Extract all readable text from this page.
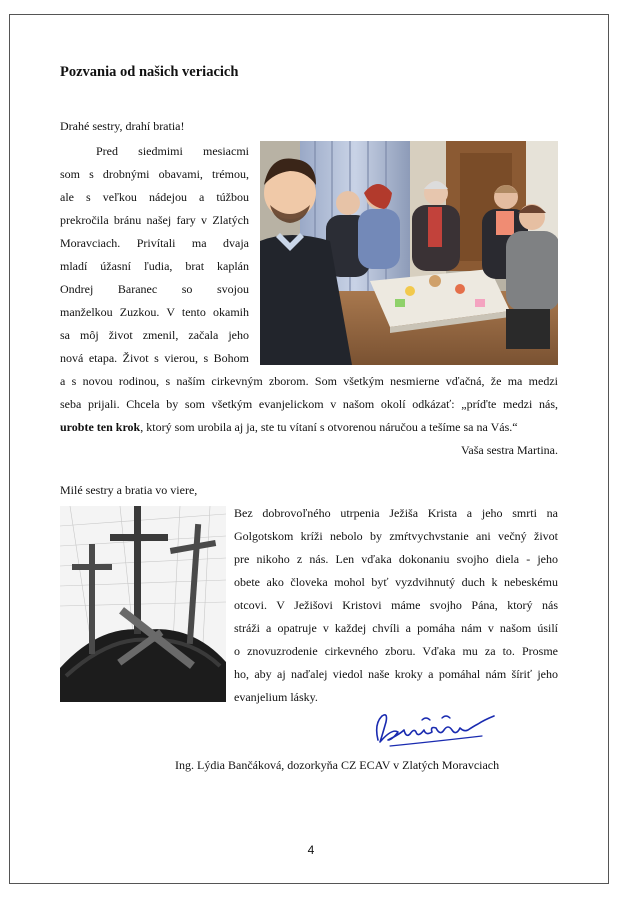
Pozvania od našich veriacich

Drahé sestry, drahí bratia!

Pred siedmimi mesiacmi

som s drobnými obavami, trémou,

ale s veľkou nádejou a túžbou

prekročila bránu našej fary v Zlatých

Moravciach. Privítali ma dvaja

mladí úžasní ľudia, brat kaplán

Ondrej Baranec so svojou

manželkou Zuzkou. V tento okamih

sa môj život zmenil, začala jeho

nová etapa. Život s vierou, s Bohom

a s novou rodinou, s naším cirkevným zborom. Som všetkým nesmierne vďačná, že ma medzi

seba prijali. Chcela by som všetkým evanjelickom v našom okolí odkázať: „príďte medzi nás,

urobte ten krok, ktorý som urobila aj ja, ste tu vítaní s otvorenou náručou a tešíme sa na Vás.“

Vaša sestra Martina.

Milé sestry a bratia vo viere,

Bez dobrovoľného utrpenia Ježiša Krista a jeho smrti na

Golgotskom kríži nebolo by zmŕtvychvstanie ani večný život

pre nikoho z nás. Len vďaka dokonaniu svojho diela - jeho

obete ako človeka mohol byť vyzdvihnutý duch k nebeskému

otcovi. V Ježišovi Kristovi máme svojho Pána, ktorý nás

stráži a opatruje v každej chvíli a pomáha nám v našom úsilí

o znovuzrodenie cirkevného zboru. Vďaka mu za to. Prosme

ho, aby aj naďalej viedol naše kroky a pomáhal nám šíriť jeho

evanjelium lásky.

Ing. Lýdia Bančáková, dozorkyňa CZ ECAV v Zlatých Moravciach

4
